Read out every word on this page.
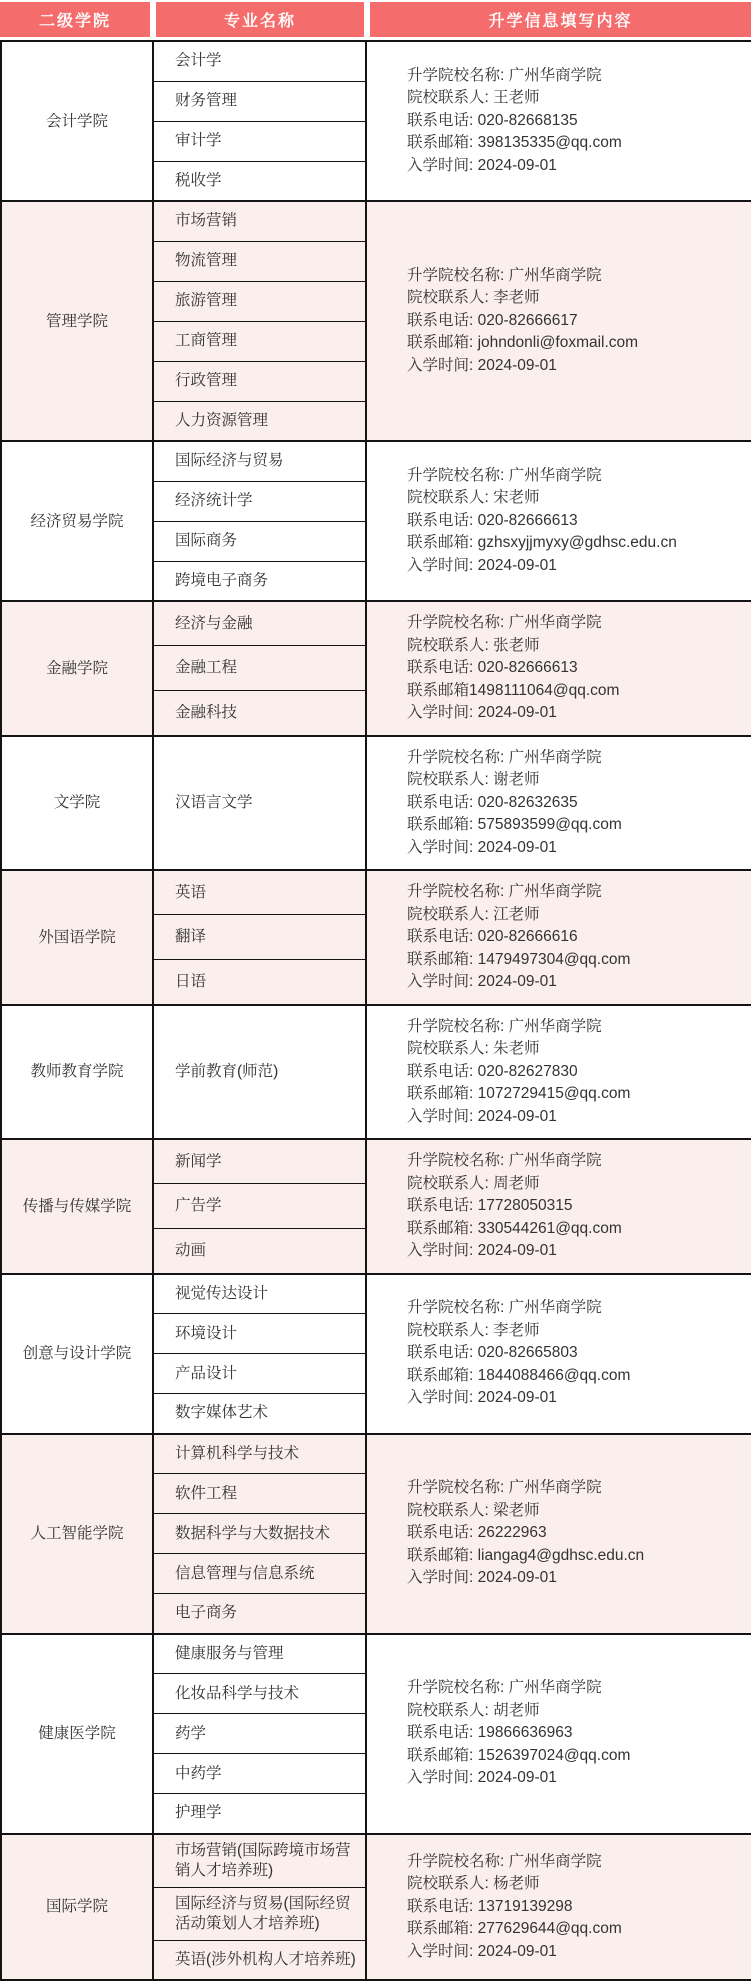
二级学院	专业名称	升学信息填写内容
会计学院	会计学	升学院校名称: 广州华商学院
院校联系人: 王老师
联系电话: 020-82668135
联系邮箱: 398135335@qq.com
入学时间: 2024-09-01

	财务管理	
	审计学	
	税收学	
管理学院	市场营销	升学院校名称: 广州华商学院
院校联系人: 李老师
联系电话: 020-82666617
联系邮箱: johndonli@foxmail.com
入学时间: 2024-09-01

	物流管理	
	旅游管理	
	工商管理	
	行政管理	
	人力资源管理	
经济贸易学院	国际经济与贸易	升学院校名称: 广州华商学院
院校联系人: 宋老师
联系电话: 020-82666613
联系邮箱: gzhsxyjjmyxy@gdhsc.edu.cn
入学时间: 2024-09-01

	经济统计学	
	国际商务	
	跨境电子商务	
金融学院	经济与金融	升学院校名称: 广州华商学院
院校联系人: 张老师
联系电话: 020-82666613
联系邮箱1498111064@qq.com
入学时间: 2024-09-01

	金融工程	
	金融科技	
文学院	汉语言文学	升学院校名称: 广州华商学院
院校联系人: 谢老师
联系电话: 020-82632635
联系邮箱: 575893599@qq.com
入学时间: 2024-09-01

外国语学院	英语	升学院校名称: 广州华商学院
院校联系人: 江老师
联系电话: 020-82666616
联系邮箱: 1479497304@qq.com
入学时间: 2024-09-01

	翻译	
	日语	
教师教育学院	学前教育(师范)	升学院校名称: 广州华商学院
院校联系人: 朱老师
联系电话: 020-82627830
联系邮箱: 1072729415@qq.com
入学时间: 2024-09-01

传播与传媒学院	新闻学	升学院校名称: 广州华商学院
院校联系人: 周老师
联系电话: 17728050315
联系邮箱: 330544261@qq.com
入学时间: 2024-09-01

	广告学	
	动画	
创意与设计学院	视觉传达设计	升学院校名称: 广州华商学院
院校联系人: 李老师
联系电话: 020-82665803
联系邮箱: 1844088466@qq.com
入学时间: 2024-09-01

	环境设计	
	产品设计	
	数字媒体艺术	
人工智能学院	计算机科学与技术	升学院校名称: 广州华商学院
院校联系人: 梁老师
联系电话: 26222963
联系邮箱: liangag4@gdhsc.edu.cn
入学时间: 2024-09-01

	软件工程	
	数据科学与大数据技术	
	信息管理与信息系统	
	电子商务	
健康医学院	健康服务与管理	升学院校名称: 广州华商学院
院校联系人: 胡老师
联系电话: 19866636963
联系邮箱: 1526397024@qq.com
入学时间: 2024-09-01

	化妆品科学与技术	
	药学	
	中药学	
	护理学	
国际学院	市场营销(国际跨境市场营销人才培养班)	升学院校名称: 广州华商学院
院校联系人: 杨老师
联系电话: 13719139298
联系邮箱: 277629644@qq.com
入学时间: 2024-09-01

	国际经济与贸易(国际经贸活动策划人才培养班)	
	英语(涉外机构人才培养班)	
